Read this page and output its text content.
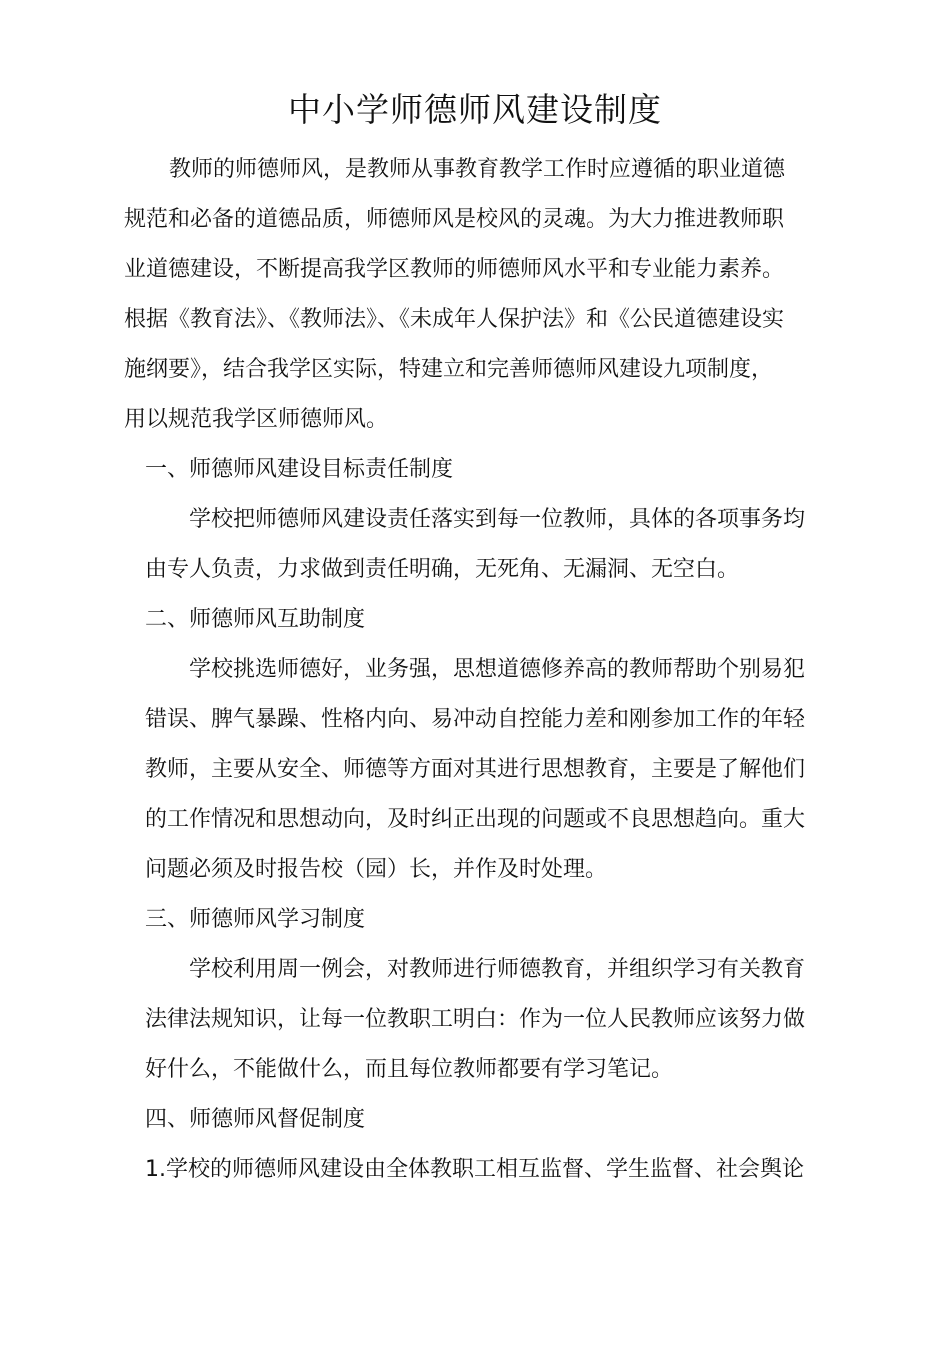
中小学师德师风建设制度
教师的师德师风，是教师从事教育教学工作时应遵循的职业道德
规范和必备的道德品质，师德师风是校风的灵魂。为大力推进教师职
业道德建设，不断提高我学区教师的师德师风水平和专业能力素养。
根据《教育法》、《教师法》、《未成年人保护法》和《公民道德建设实
施纲要》，结合我学区实际，特建立和完善师德师风建设九项制度，
用以规范我学区师德师风。
一、师德师风建设目标责任制度
学校把师德师风建设责任落实到每一位教师，具体的各项事务均
由专人负责，力求做到责任明确，无死角、无漏洞、无空白。
二、师德师风互助制度
学校挑选师德好，业务强，思想道德修养高的教师帮助个别易犯
错误、脾气暴躁、性格内向、易冲动自控能力差和刚参加工作的年轻
教师，主要从安全、师德等方面对其进行思想教育，主要是了解他们
的工作情况和思想动向，及时纠正出现的问题或不良思想趋向。重大
问题必须及时报告校（园）长，并作及时处理。
三、师德师风学习制度
学校利用周一例会，对教师进行师德教育，并组织学习有关教育
法律法规知识，让每一位教职工明白：作为一位人民教师应该努力做
好什么，不能做什么，而且每位教师都要有学习笔记。
四、师德师风督促制度
1.学校的师德师风建设由全体教职工相互监督、学生监督、社会舆论
